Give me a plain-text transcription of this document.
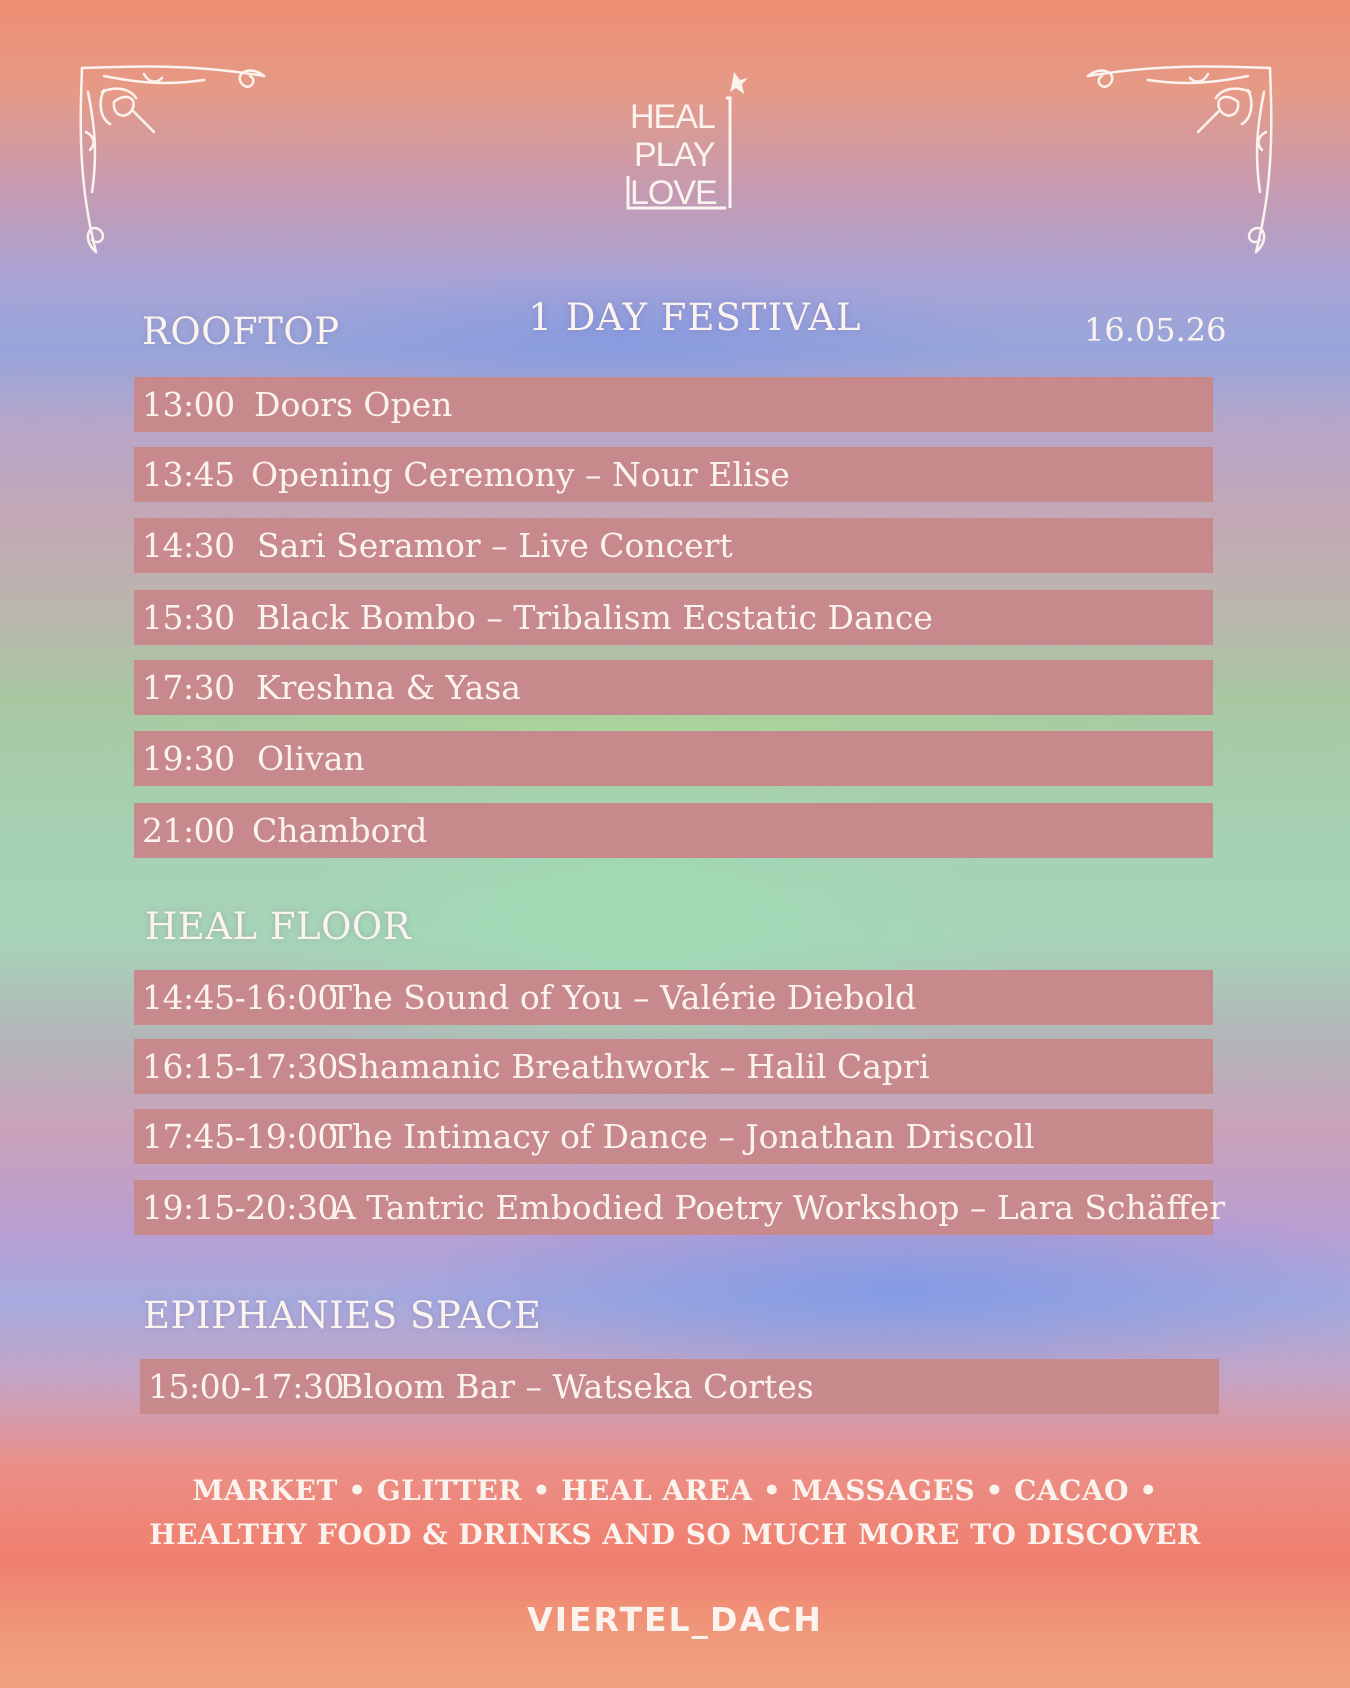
HEAL
PLAY
LOVE
1 DAY FESTIVAL	16.05.26
ROOFTOP
13:00 Doors Open
13:45 Opening Ceremony – Nour Elise
14:30 Sari Seramor – Live Concert
15:30 Black Bombo – Tribalism Ecstatic Dance
17:30 Kreshna & Yasa
19:30 Olivan
21:00 Chambord
HEAL FLOOR
14:45-16:00
The Sound of You – Valérie Diebold
16:15-17:30
Shamanic Breathwork – Halil Capri
17:45-19:00
The Intimacy of Dance – Jonathan Driscoll
19:15-20:30
A Tantric Embodied Poetry Workshop – Lara Schäffer
EPIPHANIES SPACE
15:00-17:30
Bloom Bar – Watseka Cortes
MARKET • GLITTER • HEAL AREA • MASSAGES • CACAO •
HEALTHY FOOD & DRINKS AND SO MUCH MORE TO DISCOVER
VIERTEL_DACH
